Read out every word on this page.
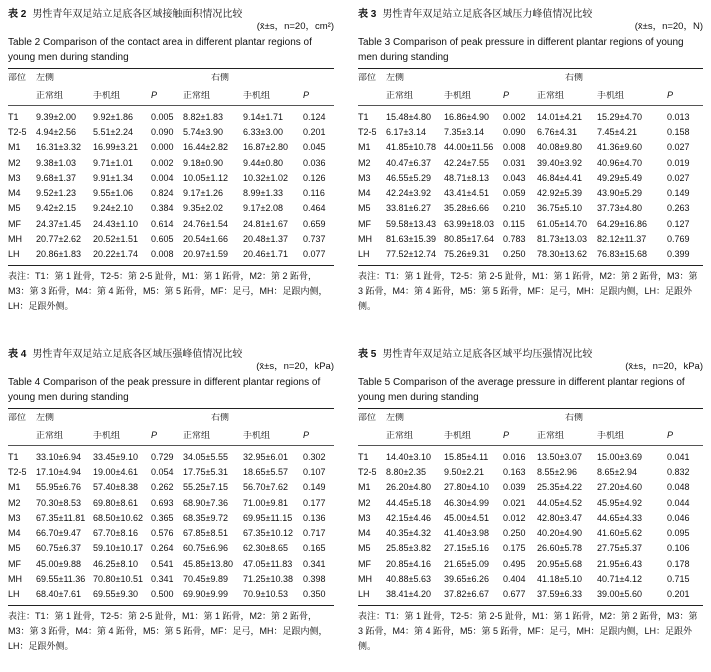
表 2 男性青年双足站立足底各区域接触面积情况比较
(x̄±s，n=20，cm²)
Table 2 Comparison of the contact area in different plantar regions of young men during standing
部位	左侧	右侧
正常组	手机组	P	正常组	手机组	P
T1	9.39±2.00	9.92±1.86	0.005	8.82±1.83	9.14±1.71	0.124
T2-5	4.94±2.56	5.51±2.24	0.090	5.74±3.90	6.33±3.00	0.201
M1	16.31±3.32	16.99±3.21	0.000	16.44±2.82	16.87±2.80	0.045
M2	9.38±1.03	9.71±1.01	0.002	9.18±0.90	9.44±0.80	0.036
M3	9.68±1.37	9.91±1.34	0.004	10.05±1.12	10.32±1.02	0.126
M4	9.52±1.23	9.55±1.06	0.824	9.17±1.26	8.99±1.33	0.116
M5	9.42±2.15	9.24±2.10	0.384	9.35±2.02	9.17±2.08	0.464
MF	24.37±1.45	24.43±1.10	0.614	24.76±1.54	24.81±1.67	0.659
MH	20.77±2.62	20.52±1.51	0.605	20.54±1.66	20.48±1.37	0.737
LH	20.86±1.83	20.22±1.74	0.008	20.97±1.59	20.46±1.71	0.077
表注：T1：第 1 趾骨，T2-5：第 2-5 趾骨，M1：第 1 跖骨，M2：第 2 跖骨，M3：第 3 跖骨，M4：第 4 跖骨，M5：第 5 跖骨，MF：足弓，MH：足跟内侧，LH：足跟外侧。
表 3 男性青年双足站立足底各区域压力峰值情况比较
(x̄±s，n=20，N)
Table 3 Comparison of peak pressure in different plantar regions of young men during standing
部位	左侧	右侧
正常组	手机组	P	正常组	手机组	P
T1	15.48±4.80	16.86±4.90	0.002	14.01±4.21	15.29±4.70	0.013
T2-5	6.17±3.14	7.35±3.14	0.090	6.76±4.31	7.45±4.21	0.158
M1	41.85±10.78 44.00±11.56	0.008	40.08±9.80	41.36±9.60	0.027
M2	40.47±6.37	42.24±7.55	0.031	39.40±3.92	40.96±4.70	0.019
M3	46.55±5.29	48.71±8.13	0.043	46.84±4.41	49.29±5.49	0.027
M4	42.24±3.92	43.41±4.51	0.059	42.92±5.39	43.90±5.29	0.149
M5	33.81±6.27	35.28±6.66	0.210	36.75±5.10	37.73±4.80	0.263
MF	59.58±13.43 63.99±18.03	0.115	61.05±14.70	64.29±16.86	0.127
MH	81.63±15.39 80.85±17.64	0.783	81.73±13.03	82.12±11.37	0.769
LH	77.52±12.74 75.26±9.31	0.250	78.30±13.62	76.83±15.68	0.399
表注：T1：第 1 趾骨，T2-5：第 2-5 趾骨，M1：第 1 跖骨，M2：第 2 跖骨，M3：第 3 跖骨，M4：第 4 跖骨，M5：第 5 跖骨，MF：足弓，MH：足跟内侧，LH：足跟外侧。
表 4 男性青年双足站立足底各区域压强峰值情况比较
(x̄±s，n=20，kPa)
Table 4 Comparison of the peak pressure in different plantar regions of young men during standing
部位	左侧	右侧
正常组	手机组	P	正常组	手机组	P
T1	33.10±6.94	33.45±9.10	0.729	34.05±5.55	32.95±6.01	0.302
T2-5	17.10±4.94	19.00±4.61	0.054	17.75±5.31	18.65±5.57	0.107
M1	55.95±6.76	57.40±8.38	0.262	55.25±7.15	56.70±7.62	0.149
M2	70.30±8.53	69.80±8.61	0.693	68.90±7.36	71.00±9.81	0.177
M3	67.35±11.81 68.50±10.62 0.365	68.35±9.72	69.95±11.15	0.136
M4	66.70±9.47	67.70±8.16	0.576	67.85±8.51	67.35±10.12	0.717
M5	60.75±6.37	59.10±10.17 0.264	60.75±6.96	62.30±8.65	0.165
MF	45.00±9.88	46.25±8.10	0.541	45.85±13.80	47.05±11.83	0.341
MH	69.55±11.36 70.80±10.51 0.341	70.45±9.89	71.25±10.38	0.398
LH	68.40±7.61	69.55±9.30	0.500	69.90±9.99	70.9±10.53	0.350
表注：T1：第 1 趾骨，T2-5：第 2-5 趾骨，M1：第 1 跖骨，M2：第 2 跖骨，M3：第 3 跖骨，M4：第 4 跖骨，M5：第 5 跖骨，MF：足弓，MH：足跟内侧，LH：足跟外侧。
表 5 男性青年双足站立足底各区域平均压强情况比较
(x̄±s，n=20，kPa)
Table 5 Comparison of the average pressure in different plantar regions of young men during standing
部位	左侧	右侧
正常组	手机组	P	正常组	手机组	P
T1	14.40±3.10	15.85±4.11	0.016	13.50±3.07	15.00±3.69	0.041
T2-5	8.80±2.35	9.50±2.21	0.163	8.55±2.96	8.65±2.94	0.832
M1	26.20±4.80	27.80±4.10	0.039	25.35±4.22	27.20±4.60	0.048
M2	44.45±5.18	46.30±4.99	0.021	44.05±4.52	45.95±4.92	0.044
M3	42.15±4.46	45.00±4.51	0.012	42.80±3.47	44.65±4.33	0.046
M4	40.35±4.32	41.40±3.98	0.250	40.20±4.90	41.60±5.62	0.095
M5	25.85±3.82	27.15±5.16	0.175	26.60±5.78	27.75±5.37	0.106
MF	20.85±4.16	21.65±5.09	0.495	20.95±5.68	21.95±6.43	0.178
MH	40.88±5.63	39.65±6.26	0.404	41.18±5.10	40.71±4.12	0.715
LH	38.41±4.20	37.82±6.67	0.677	37.59±6.33	39.00±5.60	0.201
表注：T1：第 1 趾骨，T2-5：第 2-5 趾骨，M1：第 1 跖骨，M2：第 2 跖骨，M3：第 3 跖骨，M4：第 4 跖骨，M5：第 5 跖骨，MF：足弓，MH：足跟内侧，LH：足跟外侧。
